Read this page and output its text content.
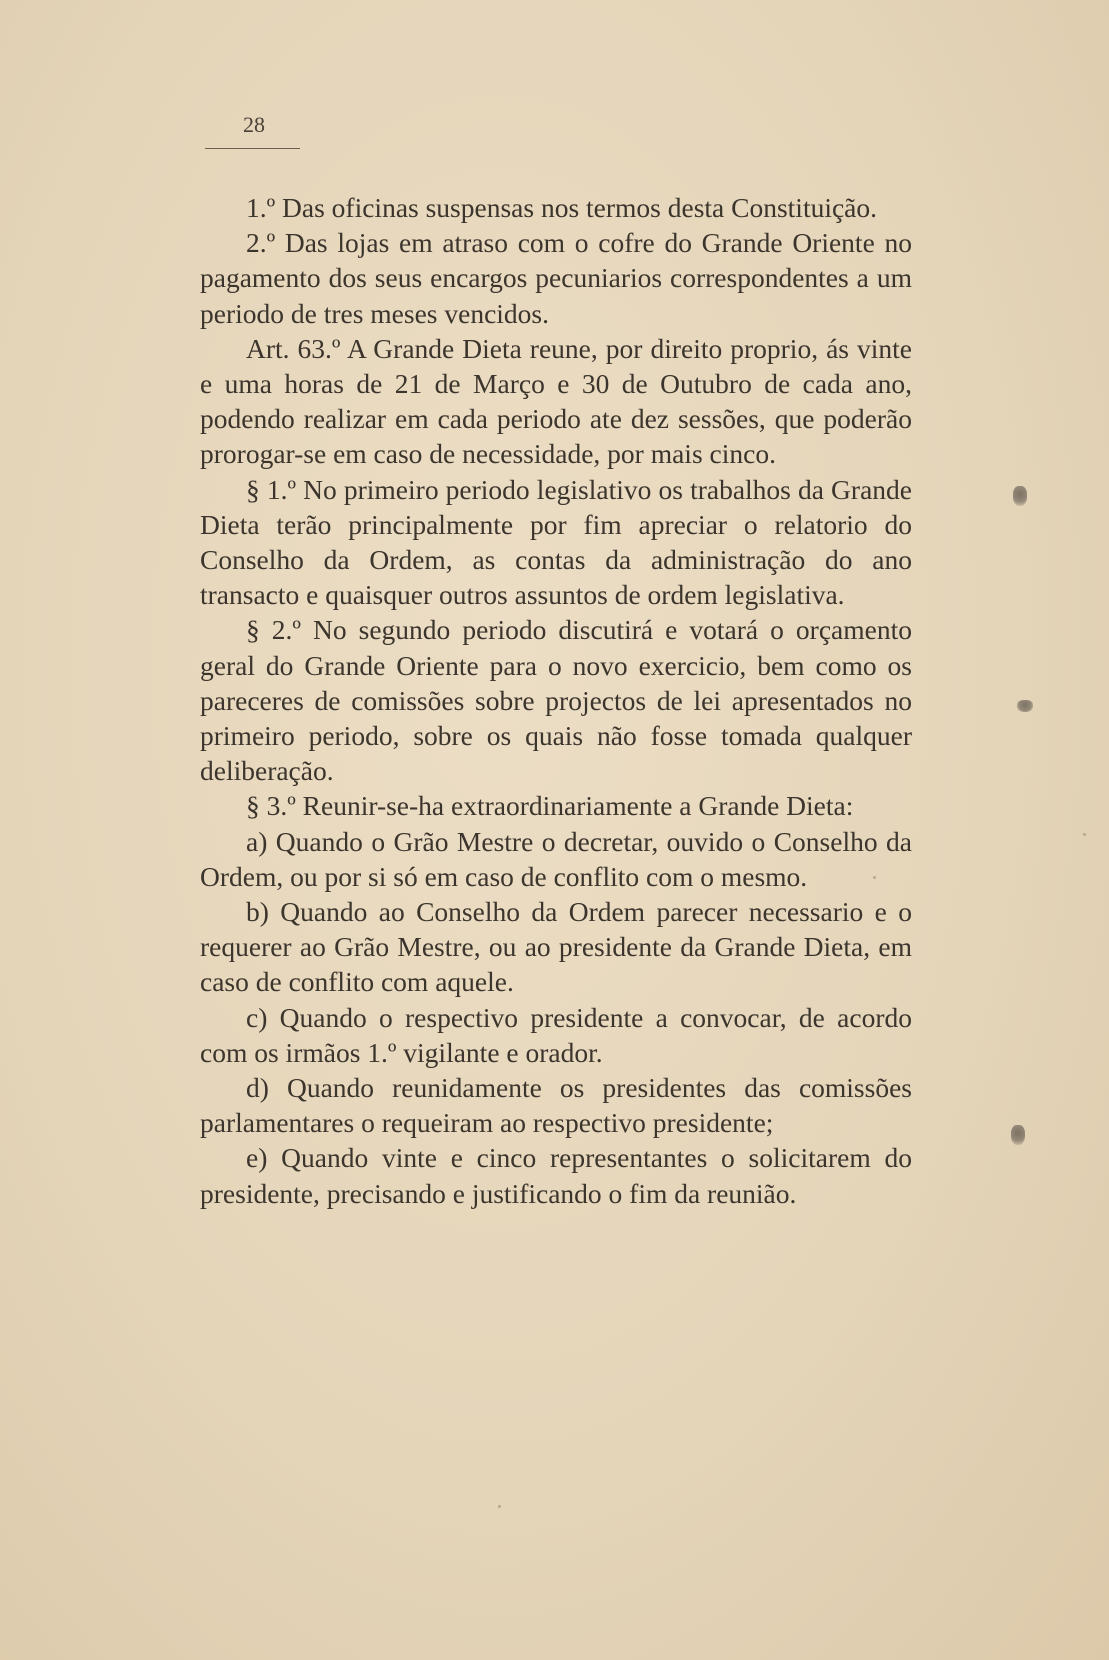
28

1.º Das oficinas suspensas nos termos desta Constituição.

2.º Das lojas em atraso com o cofre do Grande Oriente no pagamento dos seus encargos pecuniarios correspondentes a um periodo de tres meses vencidos.

Art. 63.º A Grande Dieta reune, por direito proprio, ás vinte e uma horas de 21 de Março e 30 de Outubro de cada ano, podendo realizar em cada periodo ate dez sessões, que poderão prorogar-se em caso de necessidade, por mais cinco.

§ 1.º No primeiro periodo legislativo os trabalhos da Grande Dieta terão principalmente por fim apreciar o relatorio do Conselho da Ordem, as contas da administração do ano transacto e quaisquer outros assuntos de ordem legislativa.

§ 2.º No segundo periodo discutirá e votará o orçamento geral do Grande Oriente para o novo exercicio, bem como os pareceres de comissões sobre projectos de lei apresentados no primeiro periodo, sobre os quais não fosse tomada qualquer deliberação.

§ 3.º Reunir-se-ha extraordinariamente a Grande Dieta:

a) Quando o Grão Mestre o decretar, ouvido o Conselho da Ordem, ou por si só em caso de conflito com o mesmo.

b) Quando ao Conselho da Ordem parecer necessario e o requerer ao Grão Mestre, ou ao presidente da Grande Dieta, em caso de conflito com aquele.

c) Quando o respectivo presidente a convocar, de acordo com os irmãos 1.º vigilante e orador.

d) Quando reunidamente os presidentes das comissões parlamentares o requeiram ao respectivo presidente;

e) Quando vinte e cinco representantes o solicitarem do presidente, precisando e justificando o fim da reunião.
